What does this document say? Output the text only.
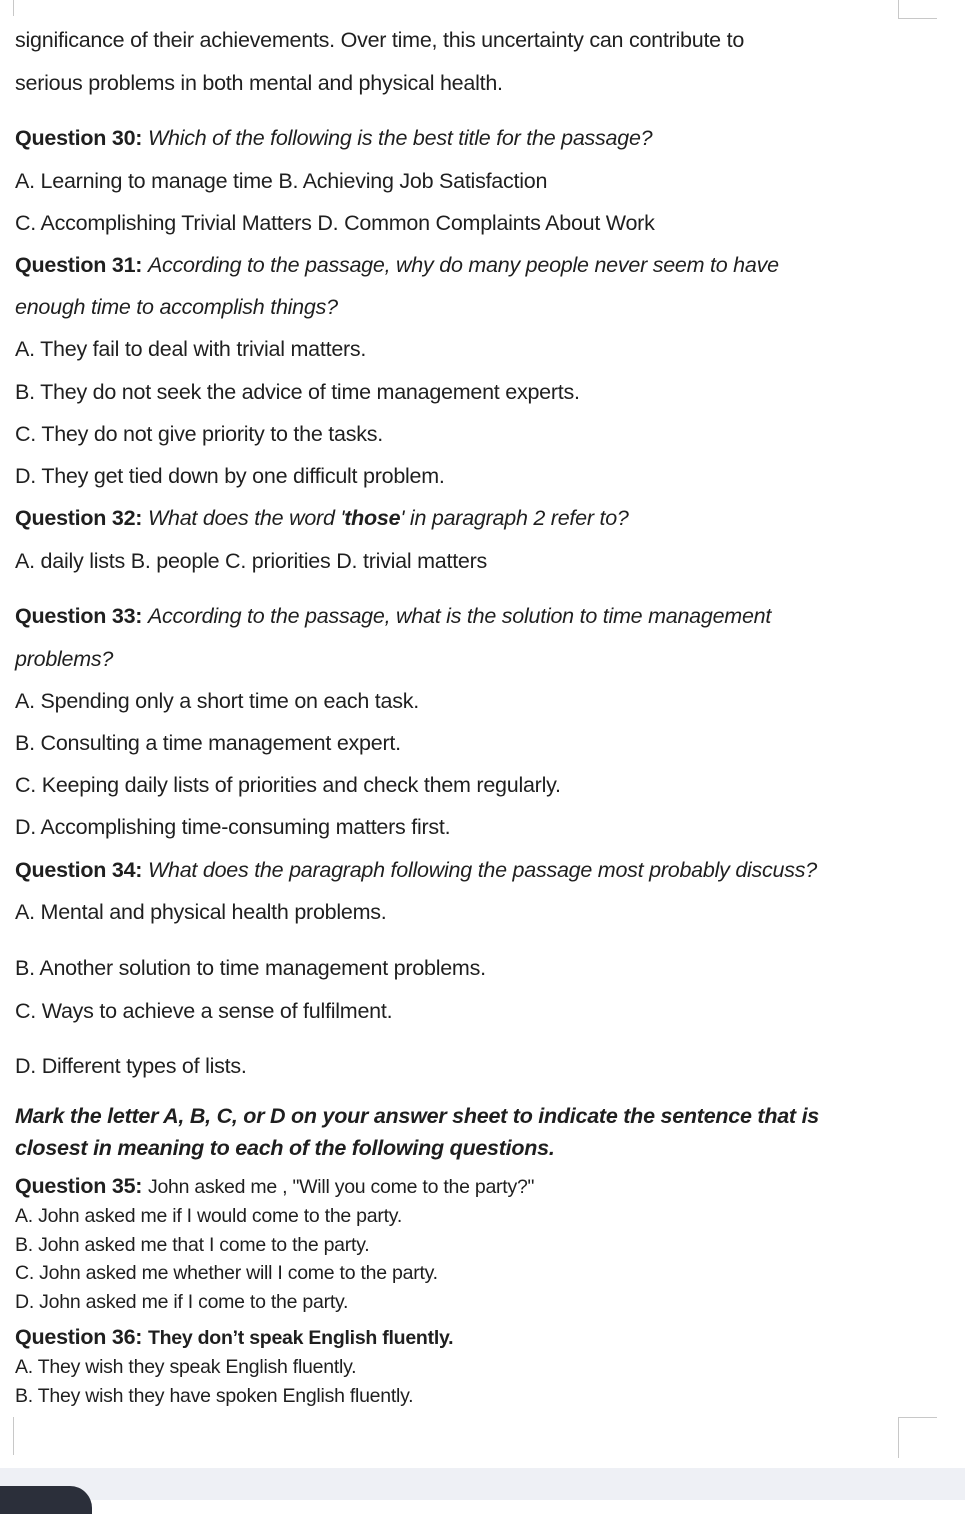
significance of their achievements. Over time, this uncertainty can contribute to
serious problems in both mental and physical health.
Question 30: Which of the following is the best title for the passage?
A. Learning to manage time B. Achieving Job Satisfaction
C. Accomplishing Trivial Matters D. Common Complaints About Work
Question 31: According to the passage, why do many people never seem to have
enough time to accomplish things?
A. They fail to deal with trivial matters.
B. They do not seek the advice of time management experts.
C. They do not give priority to the tasks.
D. They get tied down by one difficult problem.
Question 32: What does the word 'those' in paragraph 2 refer to?
A. daily lists B. people C. priorities D. trivial matters
Question 33: According to the passage, what is the solution to time management
problems?
A. Spending only a short time on each task.
B. Consulting a time management expert.
C. Keeping daily lists of priorities and check them regularly.
D. Accomplishing time-consuming matters first.
Question 34: What does the paragraph following the passage most probably discuss?
A. Mental and physical health problems.
B. Another solution to time management problems.
C. Ways to achieve a sense of fulfilment.
D. Different types of lists.
Mark the letter A, B, C, or D on your answer sheet to indicate the sentence that is
closest in meaning to each of the following questions.
Question 35: John asked me , "Will you come to the party?"
A. John asked me if I would come to the party.
B. John asked me that I come to the party.
C. John asked me whether will I come to the party.
D. John asked me if I come to the party.
Question 36: They don’t speak English fluently.
A. They wish they speak English fluently.
B. They wish they have spoken English fluently.
